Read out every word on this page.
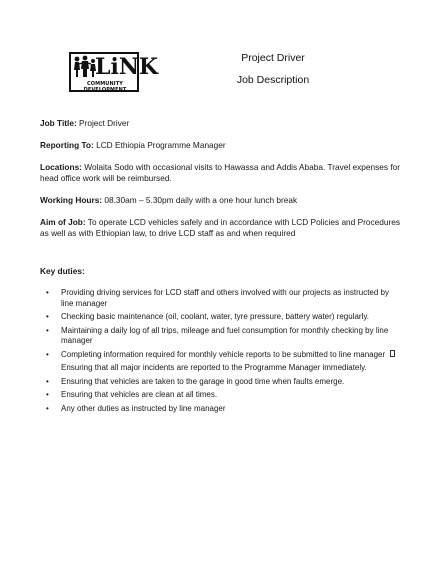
LiNK
COMMUNITY DEVELOPMENT
Project Driver
Job Description
Job Title: Project Driver
Reporting To: LCD Ethiopia Programme Manager
Locations: Wolaita Sodo with occasional visits to Hawassa and Addis Ababa. Travel expenses for head office work will be reimbursed.
Working Hours: 08.30am – 5.30pm daily with a one hour lunch break
Aim of Job: To operate LCD vehicles safely and in accordance with LCD Policies and Procedures as well as with Ethiopian law, to drive LCD staff as and when required
Key duties:
• Providing driving services for LCD staff and others involved with our projects as instructed by line manager
• Checking basic maintenance (oil, coolant, water, tyre pressure, battery water) regularly.
• Maintaining a daily log of all trips, mileage and fuel consumption for monthly checking by line manager
• Completing information required for monthly vehicle reports to be submitted to line manager
Ensuring that all major incidents are reported to the Programme Manager immediately.
• Ensuring that vehicles are taken to the garage in good time when faults emerge.
• Ensuring that vehicles are clean at all times.
• Any other duties as instructed by line manager
